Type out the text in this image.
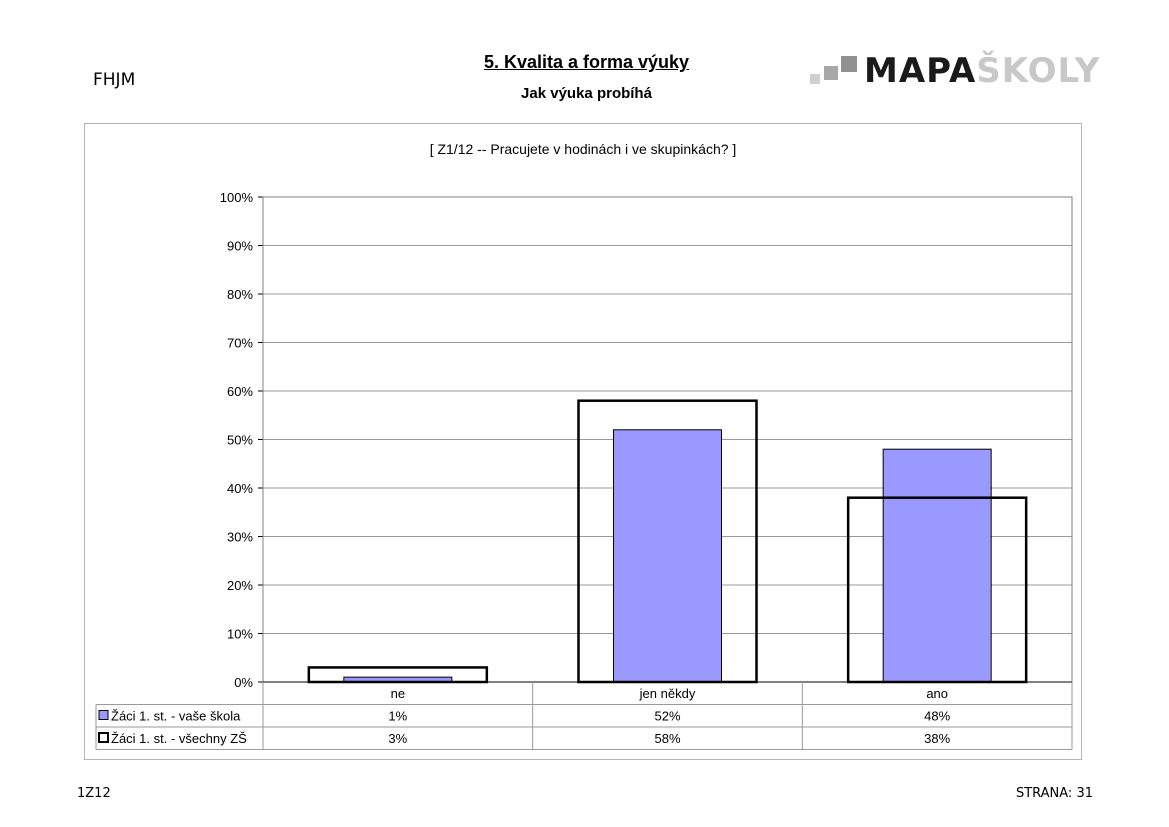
FHJM
5. Kvalita a forma výuky
Jak výuka probíhá
MAPAŠKOLY
[ Z1/12 -- Pracujete v hodinách i ve skupinkách? ]
0%
10%
20%
30%
40%
50%
60%
70%
80%
90%
100%
ne	jen někdy	ano
Žáci 1. st. - vaše škola	1%	52%	48%
Žáci 1. st. - všechny ZŠ	3%	58%	38%
1Z12	STRANA: 31
